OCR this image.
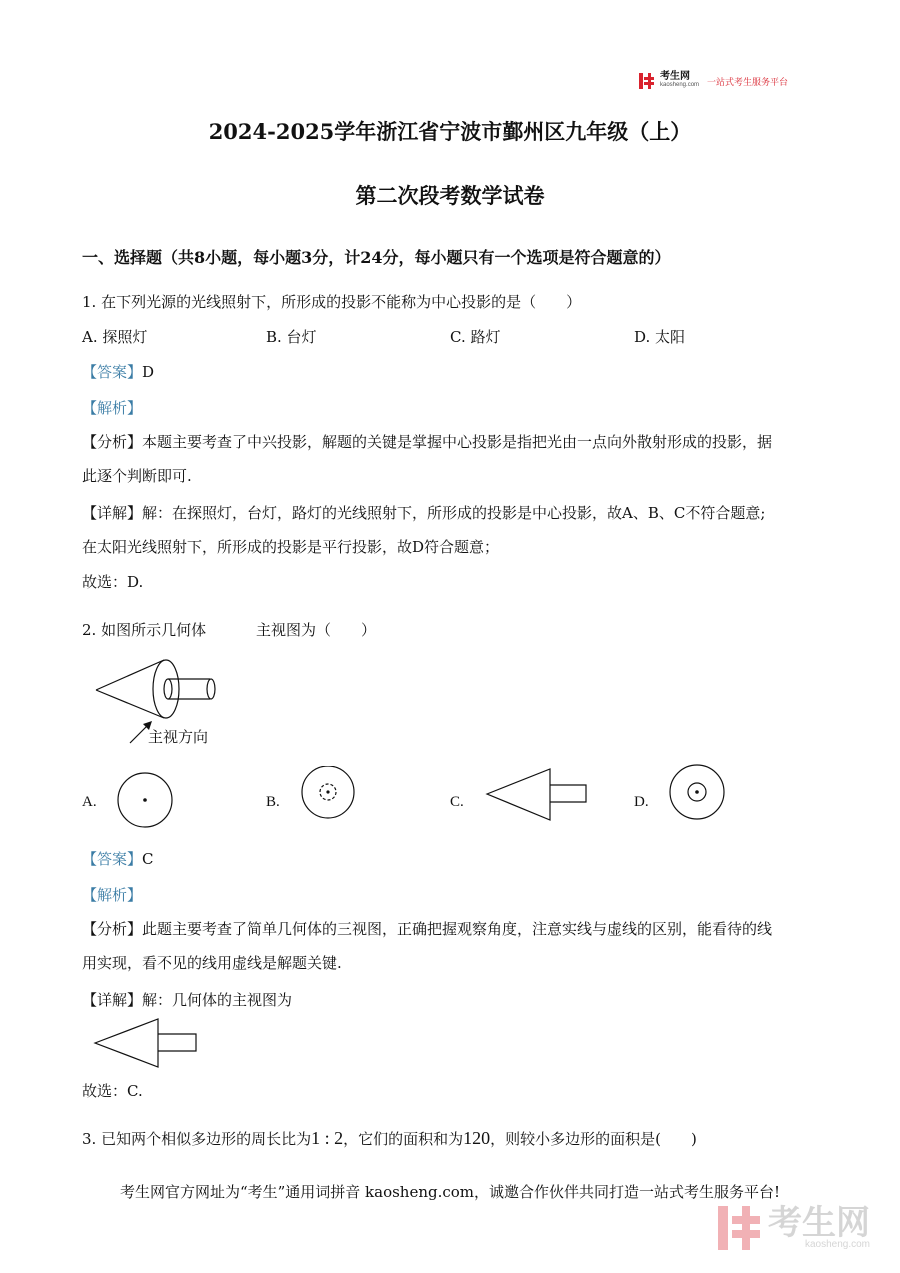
考生网
kaosheng.com 一站式考生服务平台
2024-2025学年浙江省宁波市鄞州区九年级（上）
第二次段考数学试卷
一、选择题（共8小题，每小题3分，计24分，每小题只有一个选项是符合题意的）
1. 在下列光源的光线照射下，所形成的投影不能称为中心投影的是（　　）
A. 探照灯	B. 台灯	C. 路灯	D. 太阳
【答案】D
【解析】
【分析】本题主要考查了中兴投影，解题的关键是掌握中心投影是指把光由一点向外散射形成的投影，据
此逐个判断即可.
【详解】解：在探照灯，台灯，路灯的光线照射下，所形成的投影是中心投影，故A、B、C不符合题意;
在太阳光线照射下，所形成的投影是平行投影，故D符合题意；
故选：D.
2. 如图所示几何体	主视图为（　　）
主视方向
A.	B.	C.	D.
【答案】C
【解析】
【分析】此题主要考查了简单几何体的三视图，正确把握观察角度，注意实线与虚线的区别，能看待的线
用实现，看不见的线用虚线是解题关键.
【详解】解：几何体的主视图为
故选：C.
3. 已知两个相似多边形的周长比为1 : 2，它们的面积和为120，则较小多边形的面积是(　　)
考生网官方网址为“考生”通用词拼音 kaosheng.com，诚邀合作伙伴共同打造一站式考生服务平台!
考生网
kaosheng.com
